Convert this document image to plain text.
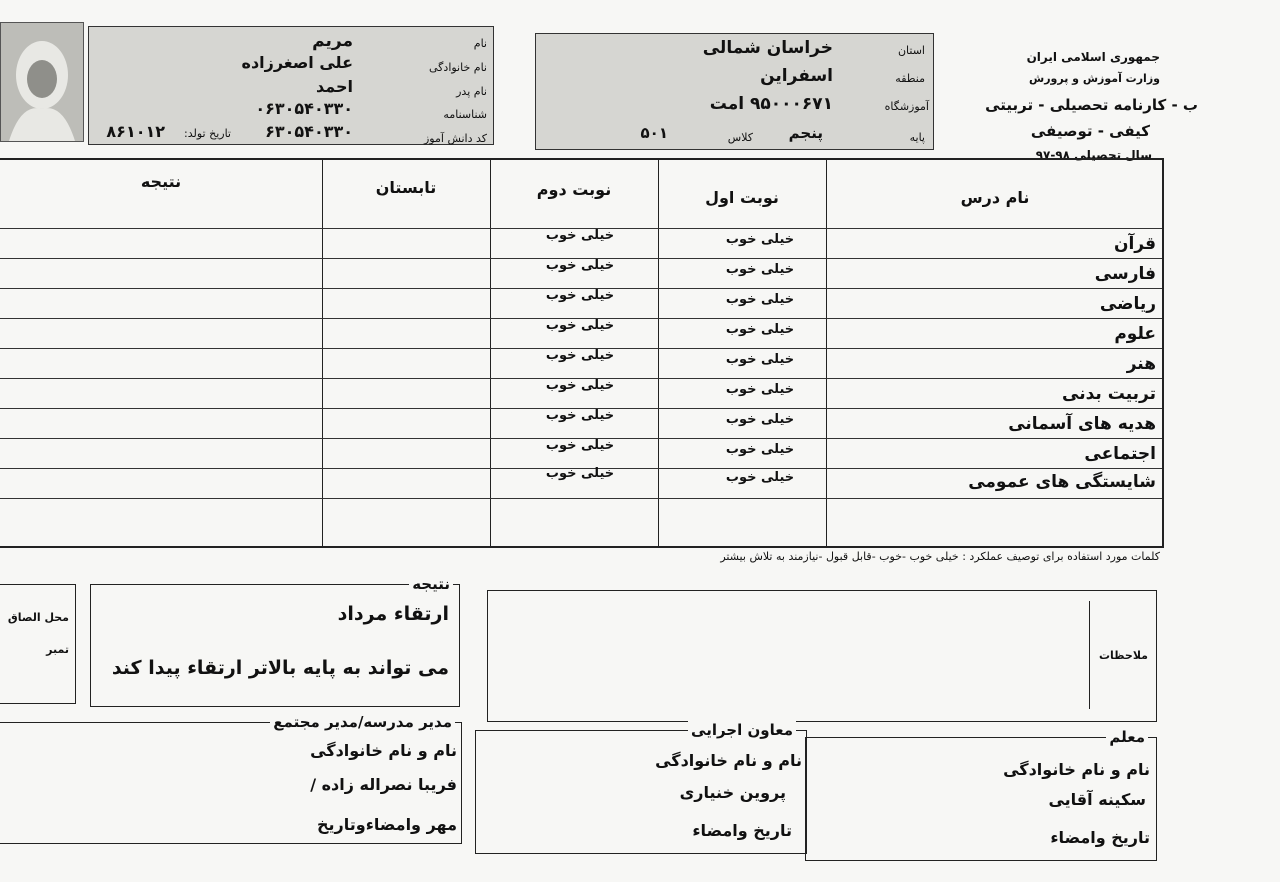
جمهوری اسلامی ایران
وزارت آموزش و پرورش
ب - کارنامه تحصیلی - تربیتی
کیفی - توصیفی
سال تحصیلی ۹۸-۹۷
استان
خراسان شمالی
منطقه
اسفراین
آموزشگاه
۹۵۰۰۰۶۷۱ امت
پایه
پنجم
کلاس
۵۰۱
نام
مریم
نام خانوادگی
علی اصغرزاده
نام پدر
احمد
شناسنامه
۰۶۳۰۵۴۰۳۳۰
کد دانش آموز
۶۳۰۵۴۰۳۳۰
تاریخ تولد:
۸۶۱۰۱۲
نام درس
نوبت اول
نوبت دوم
تابستان
نتیجه
قرآن
خیلی خوب
خیلی خوب
فارسی
خیلی خوب
خیلی خوب
ریاضی
خیلی خوب
خیلی خوب
علوم
خیلی خوب
خیلی خوب
هنر
خیلی خوب
خیلی خوب
تربیت بدنی
خیلی خوب
خیلی خوب
هدیه های آسمانی
خیلی خوب
خیلی خوب
اجتماعی
خیلی خوب
خیلی خوب
شایستگی های عمومی
خیلی خوب
خیلی خوب
کلمات مورد استفاده برای توصیف عملکرد : خیلی خوب -خوب -قابل قبول -نیازمند به تلاش بیشتر
ملاحظات
نتیجه
ارتقاء مرداد
می تواند به پایه بالاتر ارتقاء پیدا کند
محل الصاق
تمبر
معلم
نام و نام خانوادگی
سکینه آقایی
تاریخ وامضاء
معاون اجرایی
نام و نام خانوادگی
پروین خنیاری
تاریخ وامضاء
مدیر مدرسه/مدیر مجتمع
نام و نام خانوادگی
فریبا نصراله زاده /
مهر وامضاءوتاریخ
